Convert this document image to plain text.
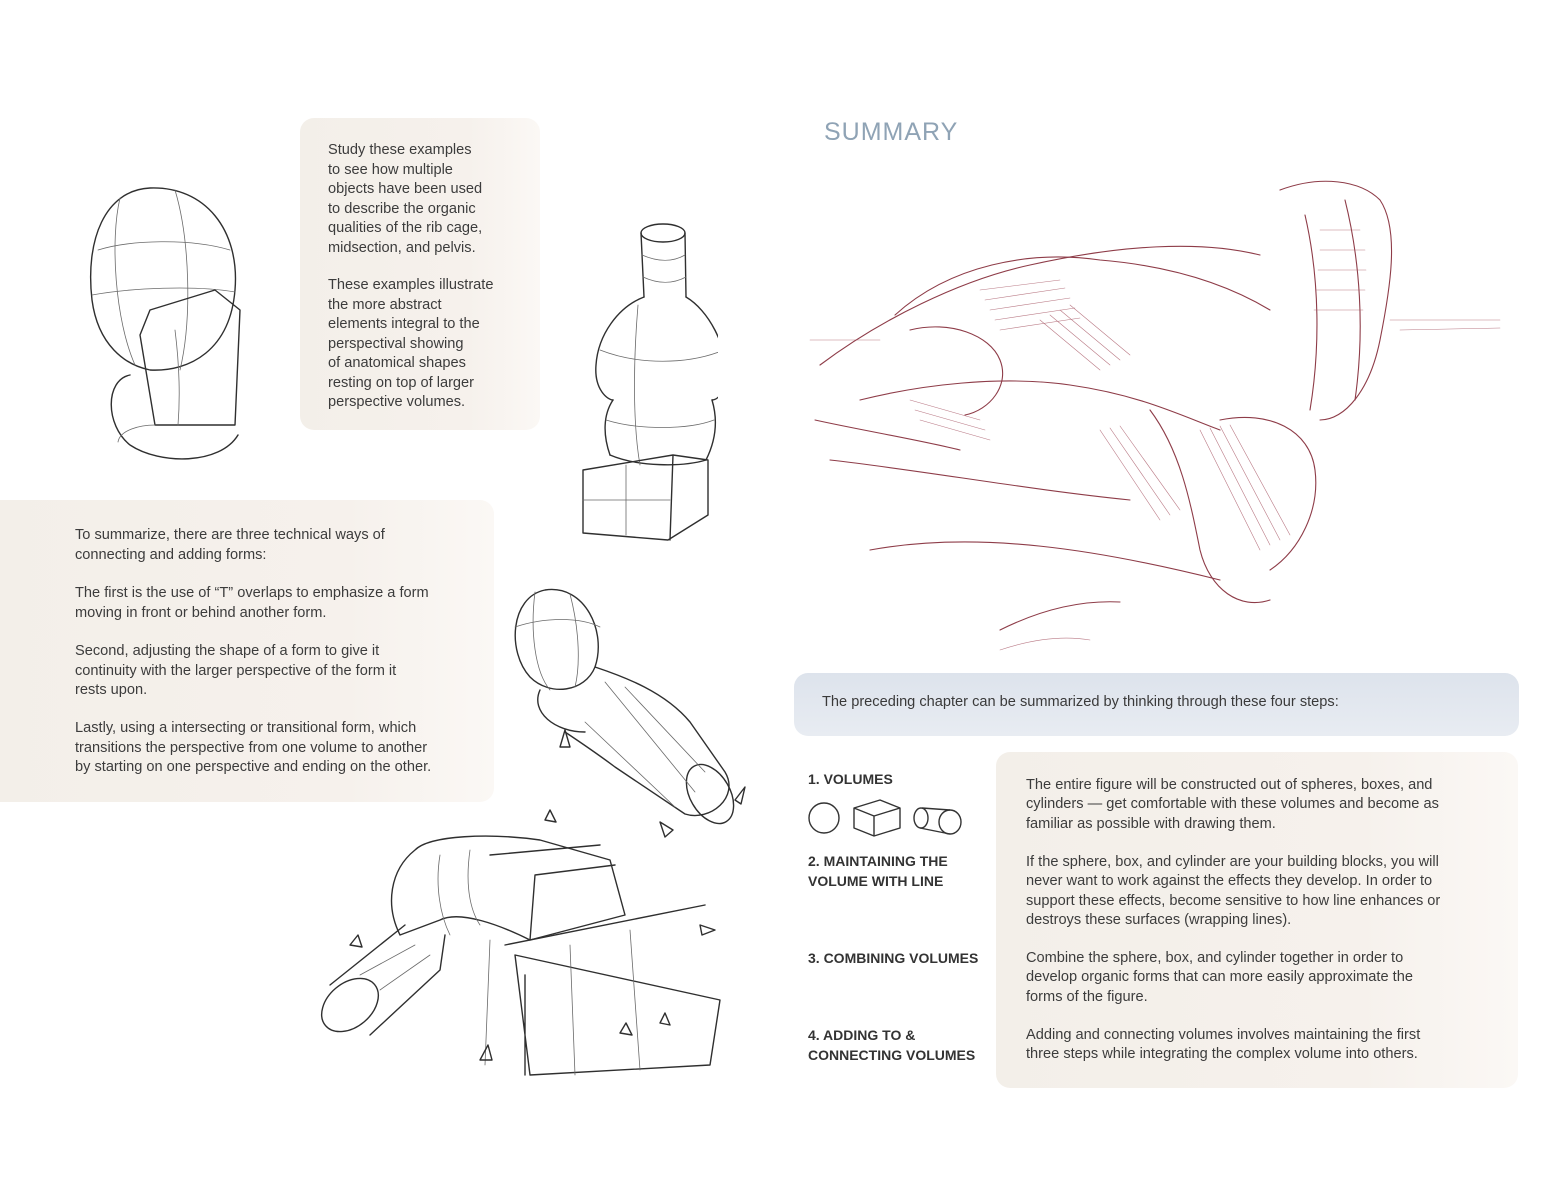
Study these examples
to see how multiple
objects have been used
to describe the organic
qualities of the rib cage,
midsection, and pelvis.

These examples illustrate
the more abstract
elements integral to the
perspectival showing
of anatomical shapes
resting on top of larger
perspective volumes.

To summarize, there are three technical ways of
connecting and adding forms:

The first is the use of “T” overlaps to emphasize a form
moving in front or behind another form.

Second, adjusting the shape of a form to give it
continuity with the larger perspective of the form it
rests upon.

Lastly, using a intersecting or transitional form, which
transitions the perspective from one volume to another
by starting on one perspective and ending on the other.

SUMMARY
The preceding chapter can be summarized by thinking through these four steps:
1. VOLUMES
2. MAINTAINING THE
VOLUME WITH LINE
3. COMBINING VOLUMES
4. ADDING TO &
CONNECTING VOLUMES
The entire figure will be constructed out of spheres, boxes, and
cylinders — get comfortable with these volumes and become as
familiar as possible with drawing them.
If the sphere, box, and cylinder are your building blocks, you will
never want to work against the effects they develop. In order to
support these effects, become sensitive to how line enhances or
destroys these surfaces (wrapping lines).
Combine the sphere, box, and cylinder together in order to
develop organic forms that can more easily approximate the
forms of the figure.
Adding and connecting volumes involves maintaining the first
three steps while integrating the complex volume into others.
